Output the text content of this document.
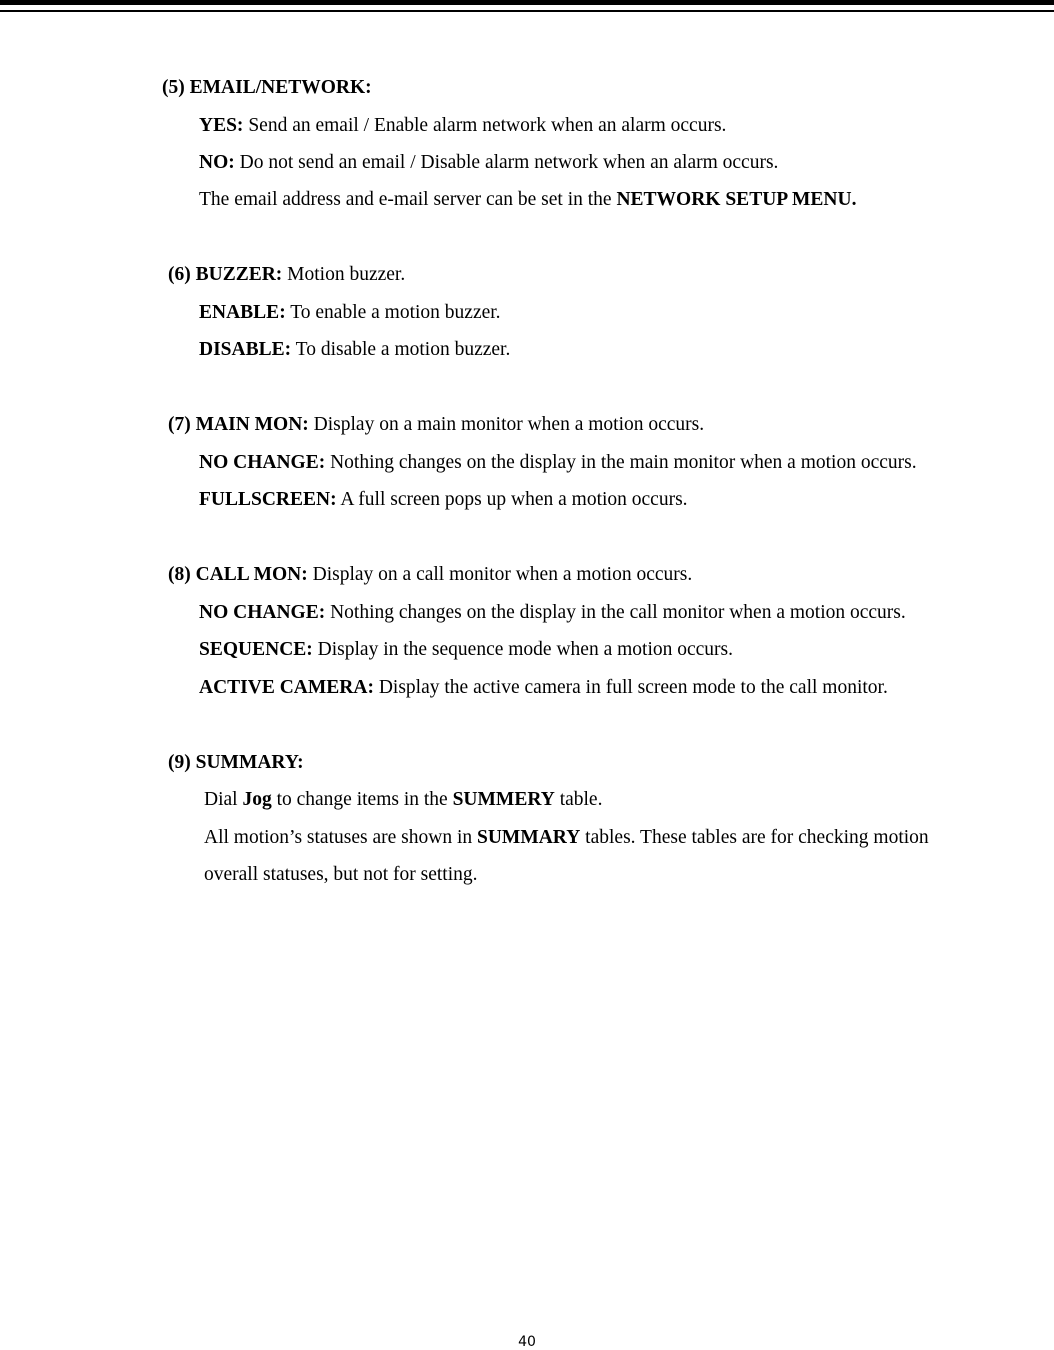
(5) EMAIL/NETWORK:
YES: Send an email / Enable alarm network when an alarm occurs.
NO: Do not send an email / Disable alarm network when an alarm occurs.
The email address and e-mail server can be set in the NETWORK SETUP MENU.
(6) BUZZER: Motion buzzer.
ENABLE: To enable a motion buzzer.
DISABLE: To disable a motion buzzer.
(7) MAIN MON: Display on a main monitor when a motion occurs.
NO CHANGE: Nothing changes on the display in the main monitor when a motion occurs.
FULLSCREEN: A full screen pops up when a motion occurs.
(8) CALL MON: Display on a call monitor when a motion occurs.
NO CHANGE: Nothing changes on the display in the call monitor when a motion occurs.
SEQUENCE: Display in the sequence mode when a motion occurs.
ACTIVE CAMERA: Display the active camera in full screen mode to the call monitor.
(9) SUMMARY:
Dial Jog to change items in the SUMMERY table.
All motion’s statuses are shown in SUMMARY tables. These tables are for checking motion
overall statuses, but not for setting.
40
